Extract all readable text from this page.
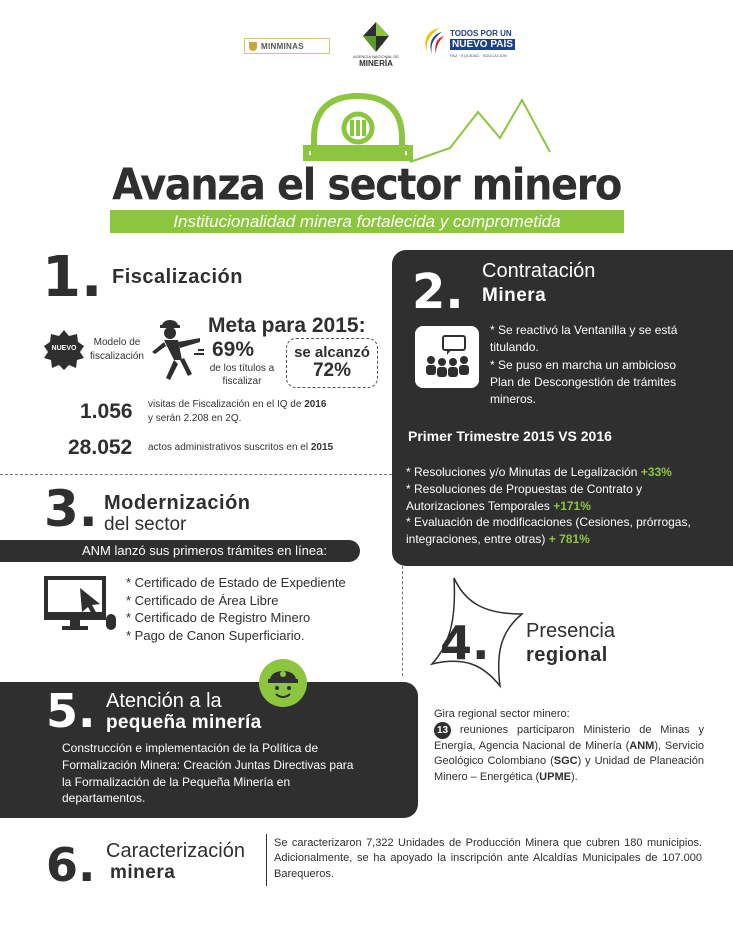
MINMINAS
AGENCIA NACIONAL DE
MINERÍA
TODOS POR UN
NUEVO PAÍS
PAZ · EQUIDAD · EDUCACIÓN
Avanza el sector minero
Institucionalidad minera fortalecida y comprometida
1. Fiscalización
NUEVO
Modelo de fiscalización
Meta para 2015:
69%
de los títulos a fiscalizar
se alcanzó
72%
1.056 visitas de Fiscalización en el IQ de 2016
y serán 2.208 en 2Q.
28.052 actos administrativos suscritos en el 2015
2. Contratación
Minera
* Se reactivó la Ventanilla y se está titulando.
* Se puso en marcha un ambicioso Plan de Descongestión de trámites mineros.
Primer Trimestre 2015 VS 2016
* Resoluciones y/o Minutas de Legalización +33%
* Resoluciones de Propuestas de Contrato y Autorizaciones Temporales +171%
* Evaluación de modificaciones (Cesiones, prórrogas, integraciones, entre otras) + 781%
3. Modernización
del sector
ANM lanzó sus primeros trámites en línea:
* Certificado de Estado de Expediente
* Certificado de Área Libre
* Certificado de Registro Minero
* Pago de Canon Superficiario.	4. Presencia
regional
Gira regional sector minero:
13 reuniones participaron Ministerio de Minas y Energía, Agencia Nacional de Minería (ANM), Servicio Geológico Colombiano (SGC) y Unidad de Planeación Minero – Energética (UPME).
5. Atención a la
pequeña minería
Construcción e implementación de la Política de Formalización Minera: Creación Juntas Directivas para la Formalización de la Pequeña Minería en departamentos.
6. Caracterización
minera
Se caracterizaron 7,322 Unidades de Producción Minera que cubren 180 municipios. Adicionalmente, se ha apoyado la inscripción ante Alcaldías Municipales de 107.000 Barequeros.
